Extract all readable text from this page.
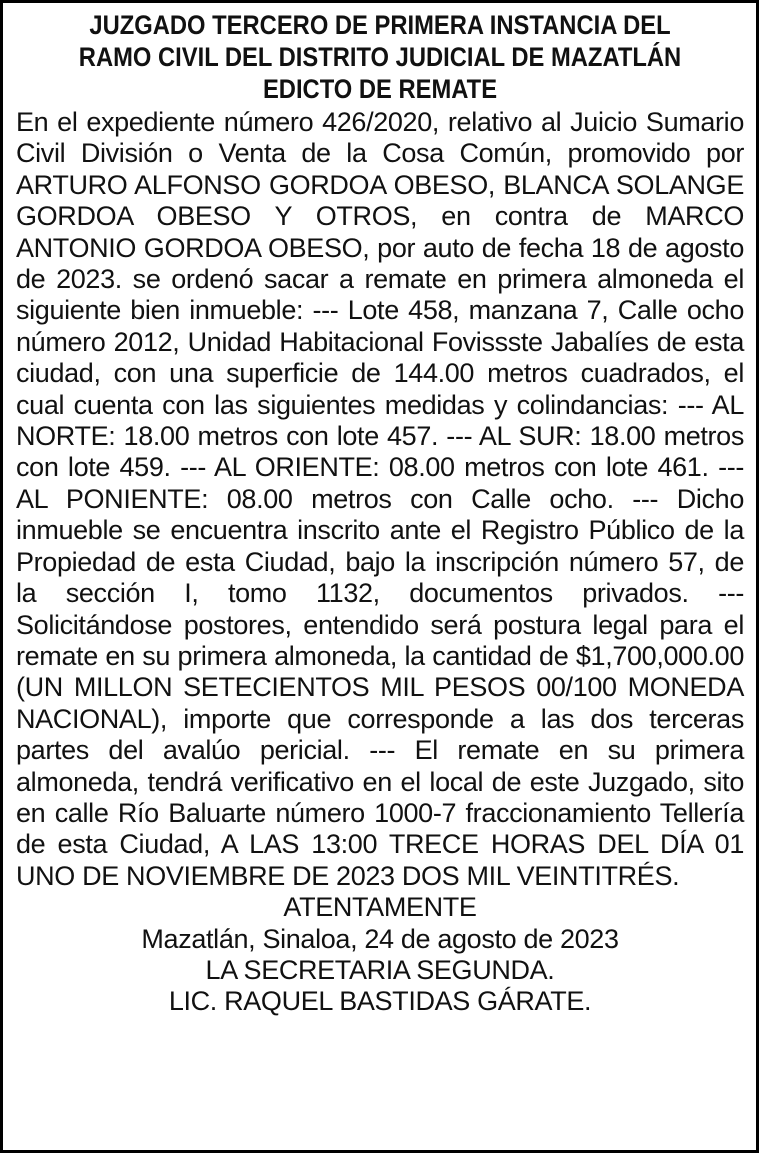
JUZGADO TERCERO DE PRIMERA INSTANCIA DEL
RAMO CIVIL DEL DISTRITO JUDICIAL DE MAZATLÁN
EDICTO DE REMATE

En el expediente número 426/2020, relativo al Juicio Sumario Civil División o Venta de la Cosa Común, promovido por ARTURO ALFONSO GORDOA OBESO, BLANCA SOLANGE GORDOA OBESO Y OTROS, en contra de MARCO ANTONIO GORDOA OBESO, por auto de fecha 18 de agosto de 2023. se ordenó sacar a remate en primera almoneda el siguiente bien inmueble: --- Lote 458, manzana 7, Calle ocho número 2012, Unidad Habitacional Fovissste Jabalíes de esta ciudad, con una superficie de 144.00 metros cuadrados, el cual cuenta con las siguientes medidas y colindancias: --- AL NORTE: 18.00 metros con lote 457. --- AL SUR: 18.00 metros con lote 459. --- AL ORIENTE: 08.00 metros con lote 461. --- AL PONIENTE: 08.00 metros con Calle ocho. --- Dicho inmueble se encuentra inscrito ante el Registro Público de la Propiedad de esta Ciudad, bajo la inscripción número 57, de la sección I, tomo 1132, documentos privados. --- Solicitándose postores, entendido será postura legal para el remate en su primera almoneda, la cantidad de $1,700,000.00 (UN MILLON SETECIENTOS MIL PESOS 00/100 MONEDA NACIONAL), importe que corresponde a las dos terceras partes del avalúo pericial. --- El remate en su primera almoneda, tendrá verificativo en el local de este Juzgado, sito en calle Río Baluarte número 1000-7 fraccionamiento Tellería de esta Ciudad, A LAS 13:00 TRECE HORAS DEL DÍA 01 UNO DE NOVIEMBRE DE 2023 DOS MIL VEINTITRÉS.

ATENTAMENTE
Mazatlán, Sinaloa, 24 de agosto de 2023
LA SECRETARIA SEGUNDA.
LIC. RAQUEL BASTIDAS GÁRATE.
